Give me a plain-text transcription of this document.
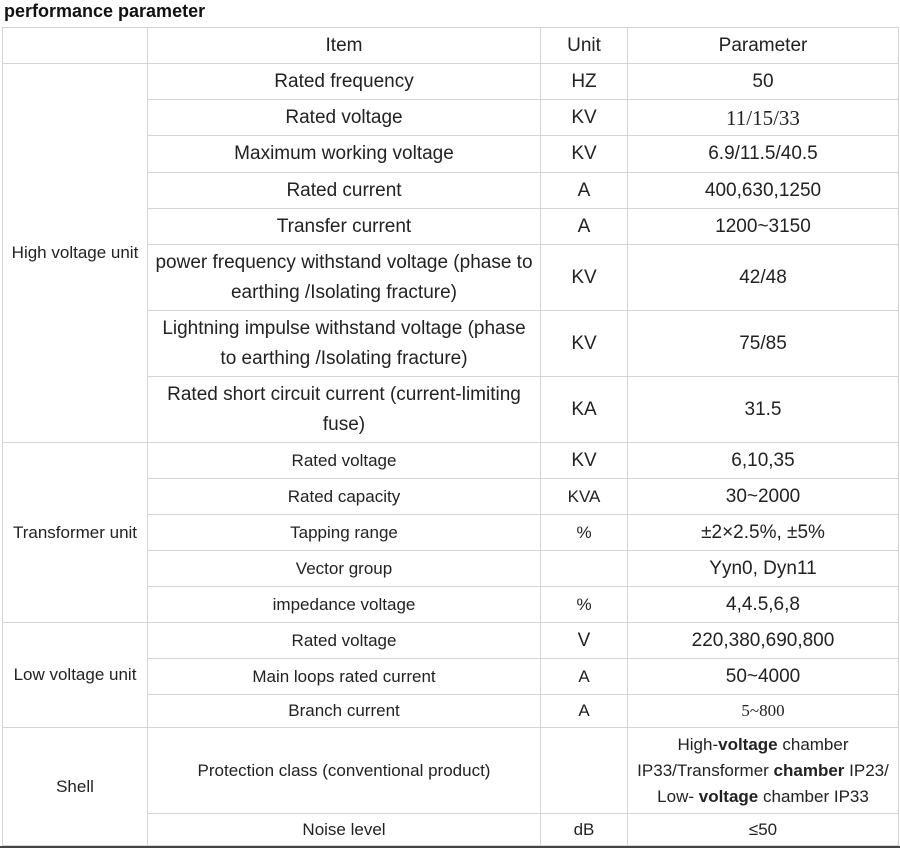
performance parameter
	Item	Unit	Parameter
High voltage unit	Rated frequency	HZ	50
	Rated voltage	KV	11/15/33
	Maximum working voltage	KV	6.9/11.5/40.5
	Rated current	A	400,630,1250
	Transfer current	A	1200~3150
	power frequency withstand voltage (phase to earthing /Isolating fracture)	KV	42/48
	Lightning impulse withstand voltage (phase to earthing /Isolating fracture)	KV	75/85
	Rated short circuit current (current-limiting fuse)	KA	31.5
Transformer unit	Rated voltage	KV	6,10,35
	Rated capacity	KVA	30~2000
	Tapping range	%	±2×2.5%, ±5%
	Vector group		Yyn0, Dyn11
	impedance voltage	%	4,4.5,6,8
Low voltage unit	Rated voltage	V	220,380,690,800
	Main loops rated current	A	50~4000
	Branch current	A	5~800
Shell	Protection class (conventional product)		High-voltage chamber IP33/Transformer chamber IP23/ Low- voltage chamber IP33
	Noise level	dB	≤50
